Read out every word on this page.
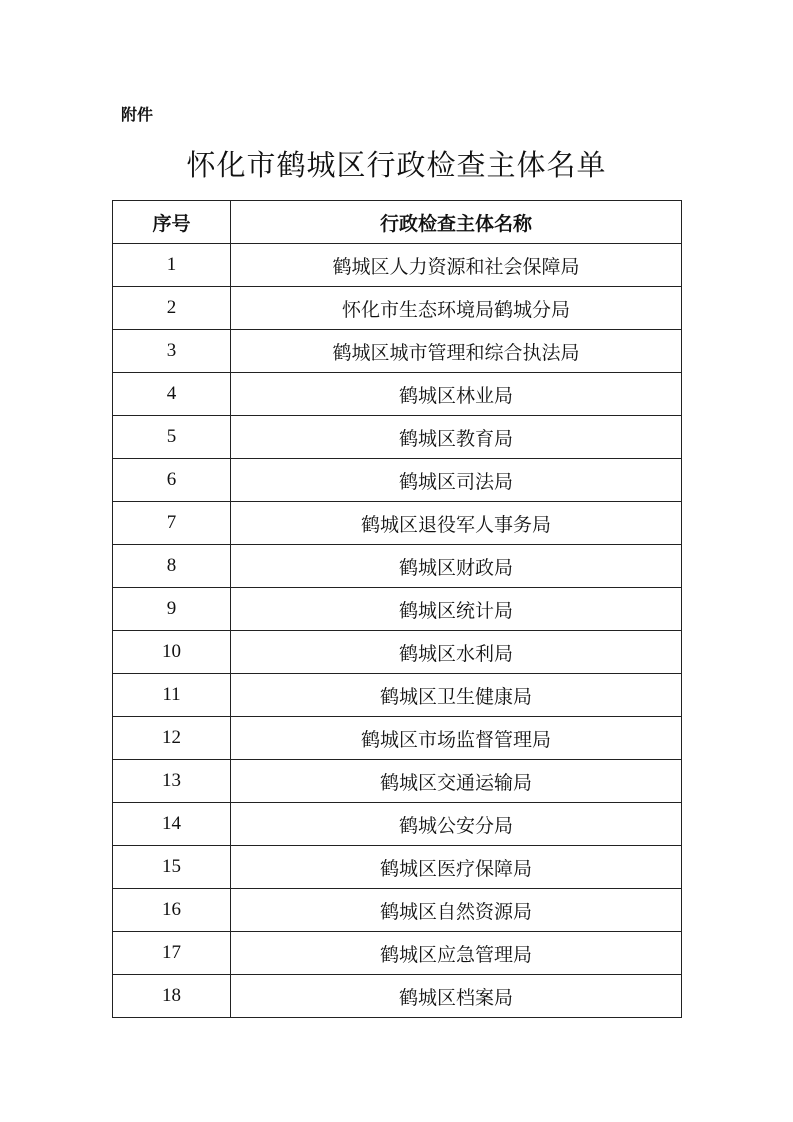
附件
怀化市鹤城区行政检查主体名单
序号	行政检查主体名称
1	鹤城区人力资源和社会保障局
2	怀化市生态环境局鹤城分局
3	鹤城区城市管理和综合执法局
4	鹤城区林业局
5	鹤城区教育局
6	鹤城区司法局
7	鹤城区退役军人事务局
8	鹤城区财政局
9	鹤城区统计局
10	鹤城区水利局
11	鹤城区卫生健康局
12	鹤城区市场监督管理局
13	鹤城区交通运输局
14	鹤城公安分局
15	鹤城区医疗保障局
16	鹤城区自然资源局
17	鹤城区应急管理局
18	鹤城区档案局
